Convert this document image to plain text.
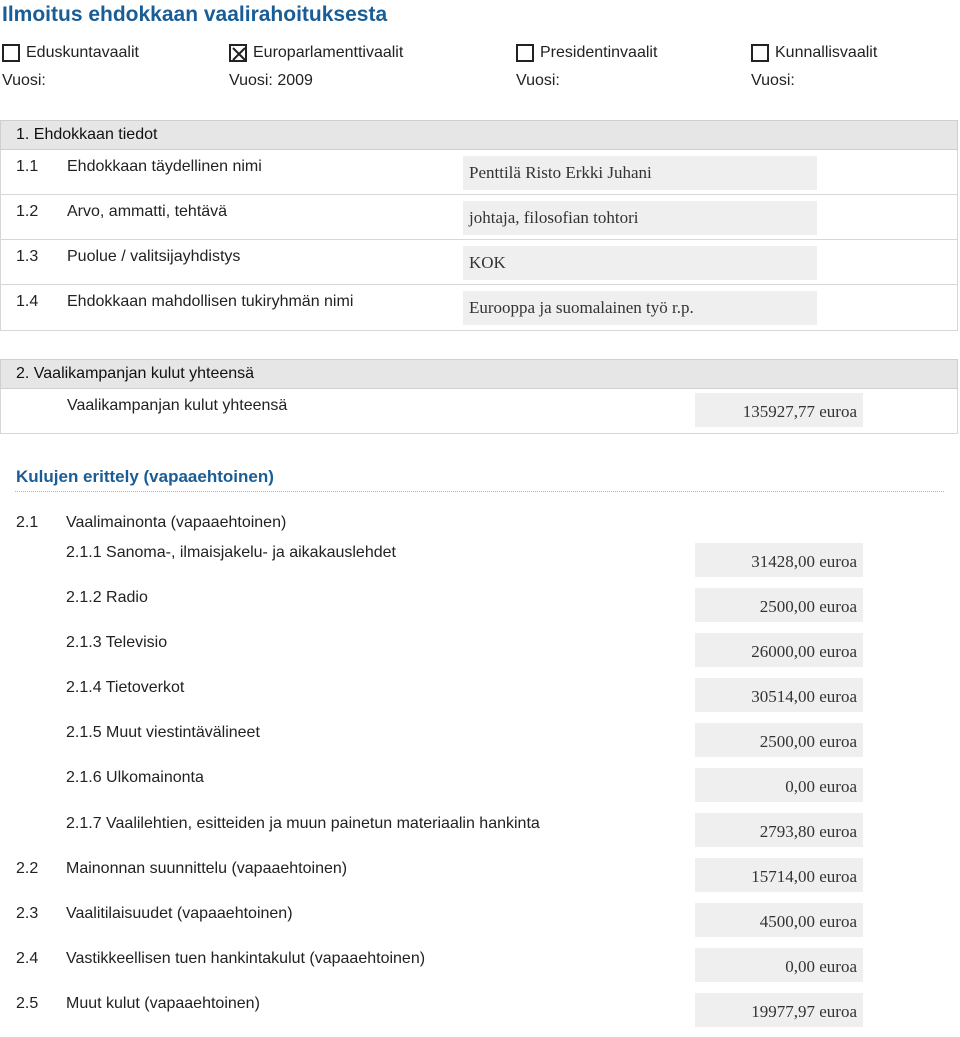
Ilmoitus ehdokkaan vaalirahoituksesta
Eduskuntavaalit
Vuosi:
Europarlamenttivaalit
Vuosi: 2009
Presidentinvaalit
Vuosi:
Kunnallisvaalit
Vuosi:
1. Ehdokkaan tiedot
1.1 Ehdokkaan täydellinen nimi	Penttilä Risto Erkki Juhani
1.2 Arvo, ammatti, tehtävä	johtaja, filosofian tohtori
1.3 Puolue / valitsijayhdistys	KOK
1.4 Ehdokkaan mahdollisen tukiryhmän nimi	Eurooppa ja suomalainen työ r.p.
2. Vaalikampanjan kulut yhteensä
Vaalikampanjan kulut yhteensä	135927,77 euroa
Kulujen erittely (vapaaehtoinen)
2.1 Vaalimainonta (vapaaehtoinen)
2.1.1 Sanoma-, ilmaisjakelu- ja aikakauslehdet	31428,00 euroa
2.1.2 Radio	2500,00 euroa
2.1.3 Televisio	26000,00 euroa
2.1.4 Tietoverkot	30514,00 euroa
2.1.5 Muut viestintävälineet	2500,00 euroa
2.1.6 Ulkomainonta	0,00 euroa
2.1.7 Vaalilehtien, esitteiden ja muun painetun materiaalin hankinta	2793,80 euroa
2.2 Mainonnan suunnittelu (vapaaehtoinen)	15714,00 euroa
2.3 Vaalitilaisuudet (vapaaehtoinen)	4500,00 euroa
2.4 Vastikkeellisen tuen hankintakulut (vapaaehtoinen)	0,00 euroa
2.5 Muut kulut (vapaaehtoinen)	19977,97 euroa
